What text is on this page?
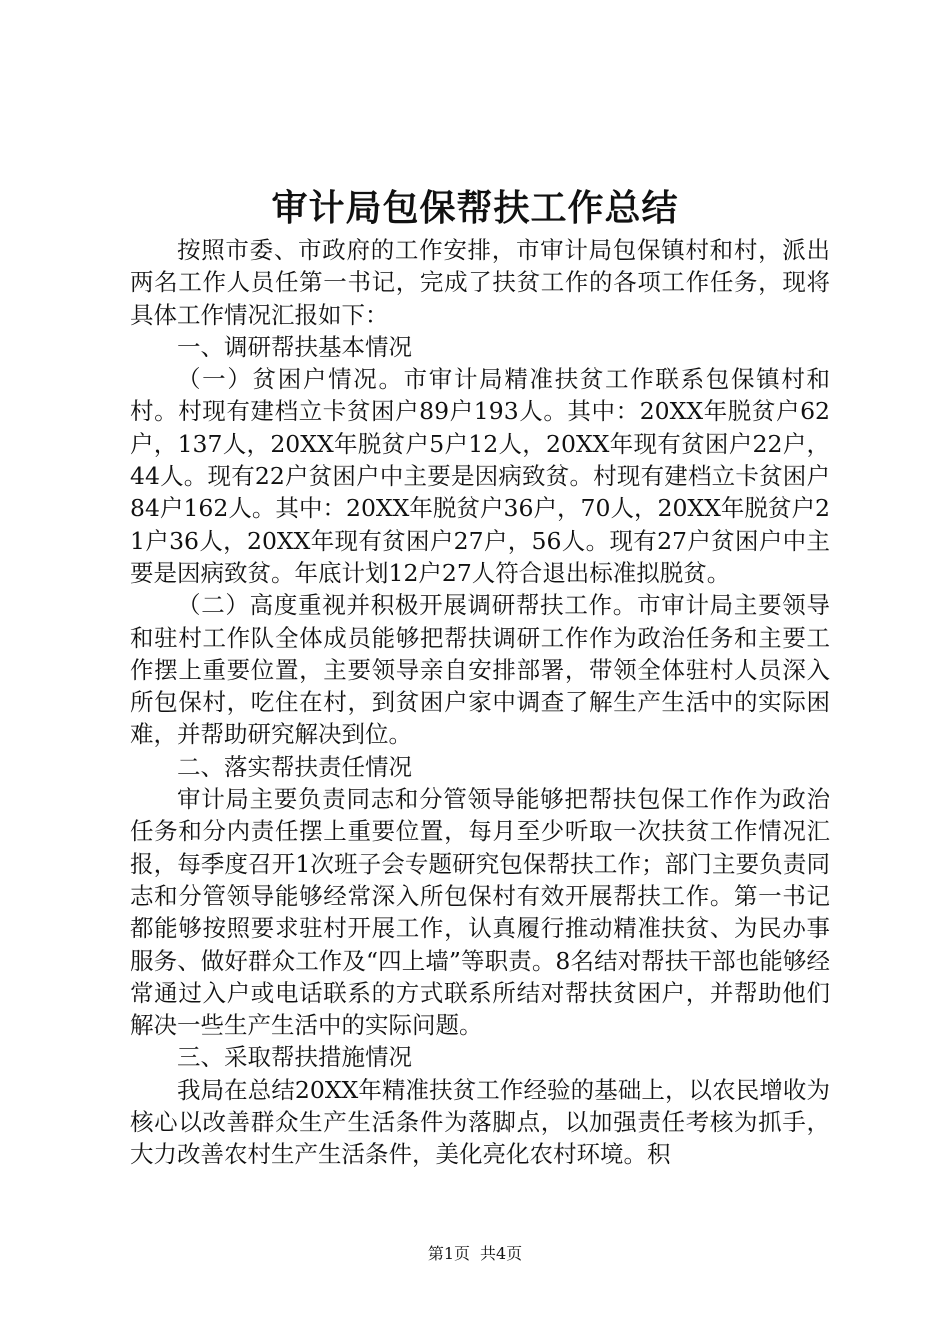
审计局包保帮扶工作总结

按照市委、市政府的工作安排，市审计局包保镇村和村，派出两名工作人员任第一书记，完成了扶贫工作的各项工作任务，现将具体工作情况汇报如下：

一、调研帮扶基本情况

（一）贫困户情况。市审计局精准扶贫工作联系包保镇村和村。村现有建档立卡贫困户89户193人。其中：20XX年脱贫户62户，137人，20XX年脱贫户5户12人，20XX年现有贫困户22户，44人。现有22户贫困户中主要是因病致贫。村现有建档立卡贫困户84户162人。其中：20XX年脱贫户36户，70人，20XX年脱贫户21户36人，20XX年现有贫困户27户，56人。现有27户贫困户中主要是因病致贫。年底计划12户27人符合退出标准拟脱贫。

（二）高度重视并积极开展调研帮扶工作。市审计局主要领导和驻村工作队全体成员能够把帮扶调研工作作为政治任务和主要工作摆上重要位置，主要领导亲自安排部署，带领全体驻村人员深入所包保村，吃住在村，到贫困户家中调查了解生产生活中的实际困难，并帮助研究解决到位。

二、落实帮扶责任情况

审计局主要负责同志和分管领导能够把帮扶包保工作作为政治任务和分内责任摆上重要位置，每月至少听取一次扶贫工作情况汇报，每季度召开1次班子会专题研究包保帮扶工作；部门主要负责同志和分管领导能够经常深入所包保村有效开展帮扶工作。第一书记都能够按照要求驻村开展工作，认真履行推动精准扶贫、为民办事服务、做好群众工作及“四上墙”等职责。8名结对帮扶干部也能够经常通过入户或电话联系的方式联系所结对帮扶贫困户，并帮助他们解决一些生产生活中的实际问题。

三、采取帮扶措施情况

我局在总结20XX年精准扶贫工作经验的基础上，以农民增收为核心以改善群众生产生活条件为落脚点，以加强责任考核为抓手，大力改善农村生产生活条件，美化亮化农村环境。积

第1页 共4页
